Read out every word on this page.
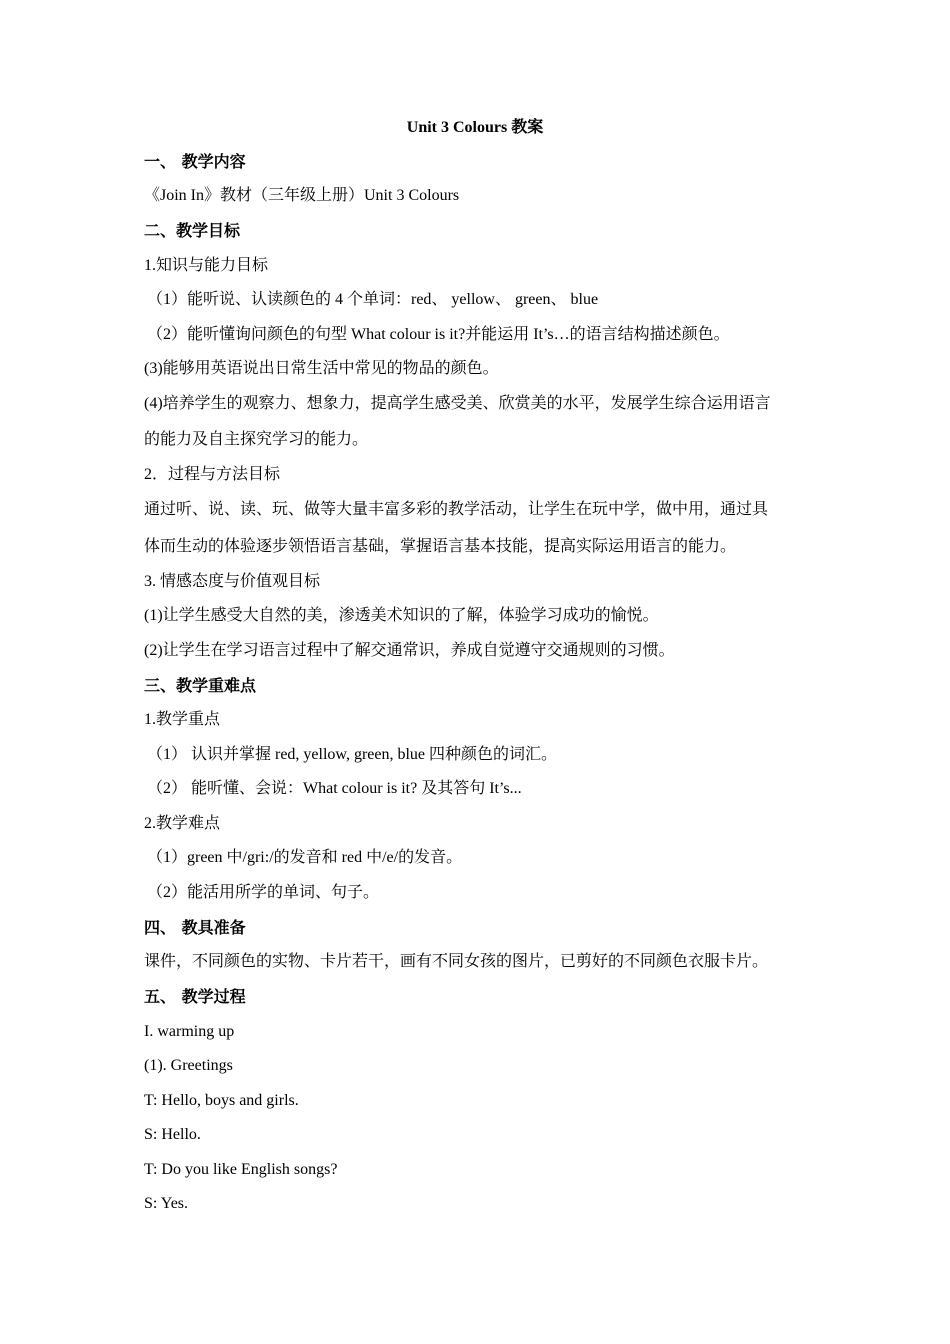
Unit 3 Colours 教案
一、 教学内容
《Join In》教材（三年级上册）Unit 3 Colours
二、教学目标
1.知识与能力目标
（1）能听说、认读颜色的 4 个单词：red、 yellow、 green、 blue
（2）能听懂询问颜色的句型 What colour is it?并能运用 It’s…的语言结构描述颜色。
(3)能够用英语说出日常生活中常见的物品的颜色。
(4)培养学生的观察力、想象力，提高学生感受美、欣赏美的水平，发展学生综合运用语言
的能力及自主探究学习的能力。
2．过程与方法目标
通过听、说、读、玩、做等大量丰富多彩的教学活动，让学生在玩中学，做中用，通过具
体而生动的体验逐步领悟语言基础，掌握语言基本技能，提高实际运用语言的能力。
3. 情感态度与价值观目标
(1)让学生感受大自然的美，渗透美术知识的了解，体验学习成功的愉悦。
(2)让学生在学习语言过程中了解交通常识，养成自觉遵守交通规则的习惯。
三、教学重难点
1.教学重点
（1） 认识并掌握 red, yellow, green, blue 四种颜色的词汇。
（2） 能听懂、会说：What colour is it? 及其答句 It’s...
2.教学难点
（1）green 中/gri:/的发音和 red 中/e/的发音。
（2）能活用所学的单词、句子。
四、 教具准备
课件，不同颜色的实物、卡片若干，画有不同女孩的图片，已剪好的不同颜色衣服卡片。
五、 教学过程
I. warming up
(1). Greetings
T: Hello, boys and girls.
S: Hello.
T: Do you like English songs?
S: Yes.
